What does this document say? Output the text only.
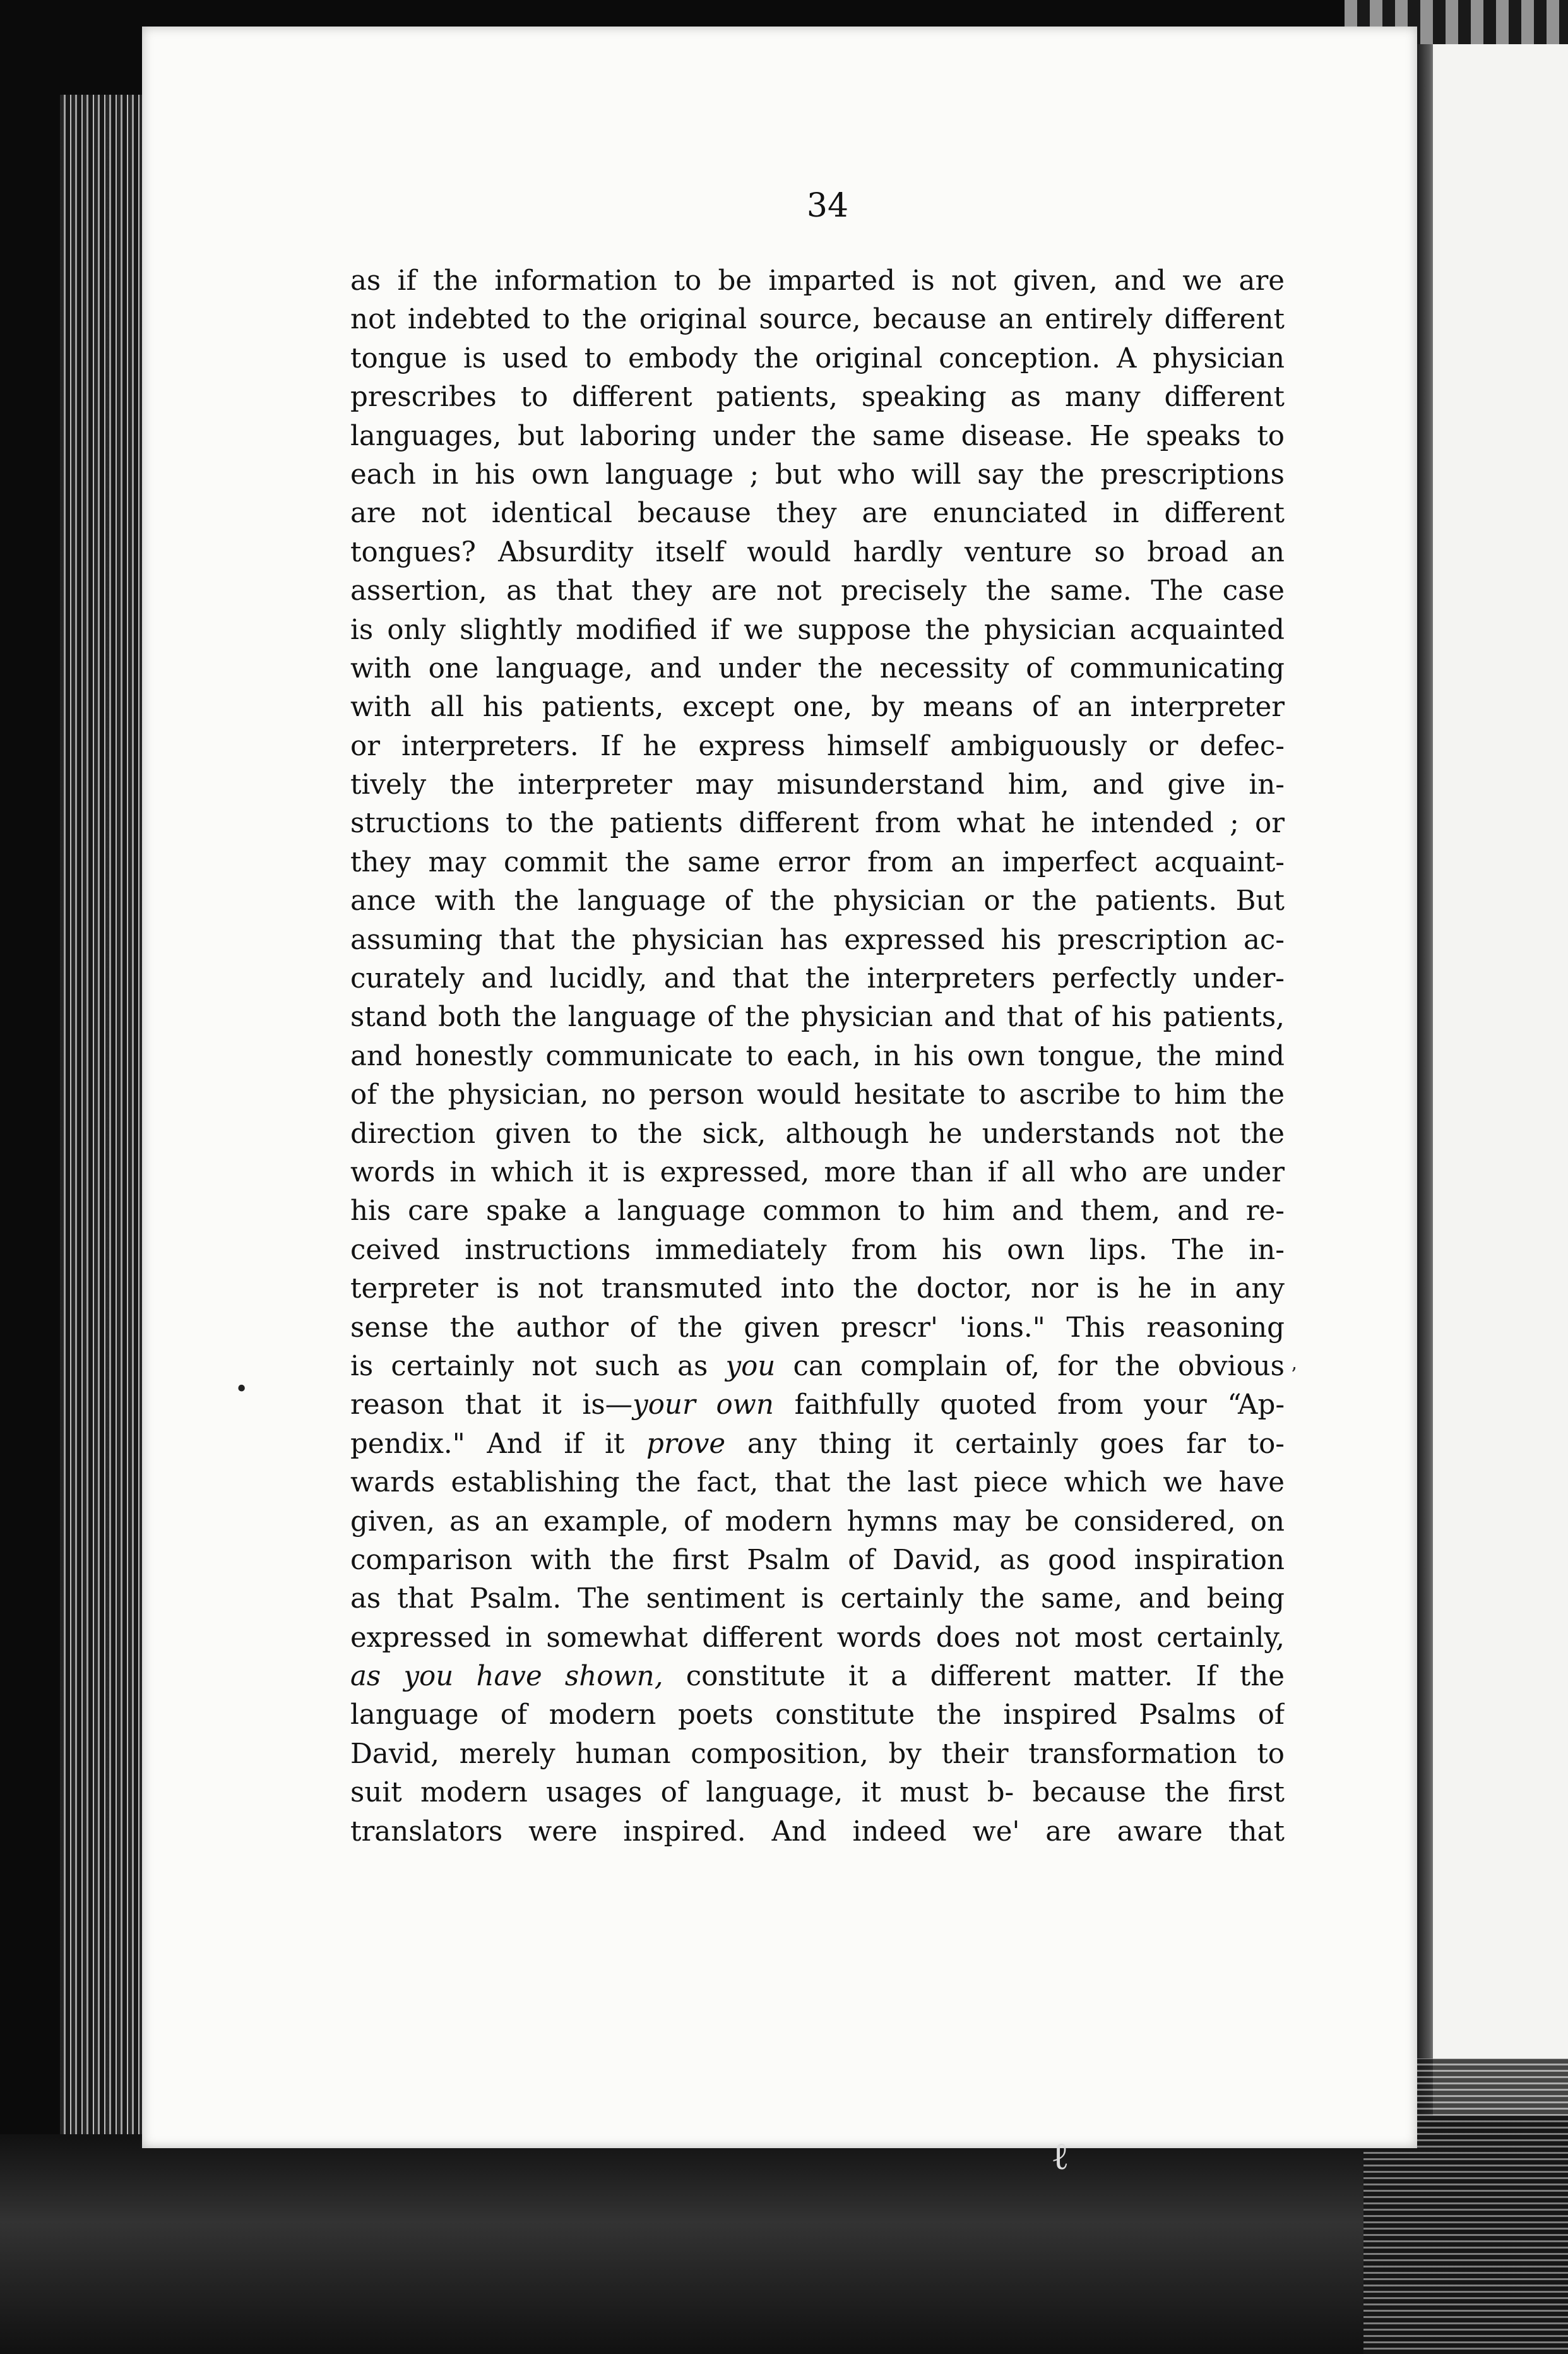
34
as if the information to be imparted is not given, and we are
not indebted to the original source, because an entirely different
tongue is used to embody the original conception. A physician
prescribes to different patients, speaking as many different
languages, but laboring under the same disease. He speaks to
each in his own language ; but who will say the prescriptions
are not identical because they are enunciated in different
tongues? Absurdity itself would hardly venture so broad an
assertion, as that they are not precisely the same. The case
is only slightly modified if we suppose the physician acquainted
with one language, and under the necessity of communicating
with all his patients, except one, by means of an interpreter
or interpreters. If he express himself ambiguously or defec-
tively the interpreter may misunderstand him, and give in-
structions to the patients different from what he intended ; or
they may commit the same error from an imperfect acquaint-
ance with the language of the physician or the patients. But
assuming that the physician has expressed his prescription ac-
curately and lucidly, and that the interpreters perfectly under-
stand both the language of the physician and that of his patients,
and honestly communicate to each, in his own tongue, the mind
of the physician, no person would hesitate to ascribe to him the
direction given to the sick, although he understands not the
words in which it is expressed, more than if all who are under
his care spake a language common to him and them, and re-
ceived instructions immediately from his own lips. The in-
terpreter is not transmuted into the doctor, nor is he in any
sense the author of the given prescr' 'ions." This reasoning
is certainly not such as you can complain of, for the obvious
reason that it is—your own faithfully quoted from your “Ap-
pendix." And if it prove any thing it certainly goes far to-
wards establishing the fact, that the last piece which we have
given, as an example, of modern hymns may be considered, on
comparison with the first Psalm of David, as good inspiration
as that Psalm. The sentiment is certainly the same, and being
expressed in somewhat different words does not most certainly,
as you have shown, constitute it a different matter. If the
language of modern poets constitute the inspired Psalms of
David, merely human composition, by their transformation to
suit modern usages of language, it must b- because the first
translators were inspired. And indeed we' are aware that
•
’
ℓ
